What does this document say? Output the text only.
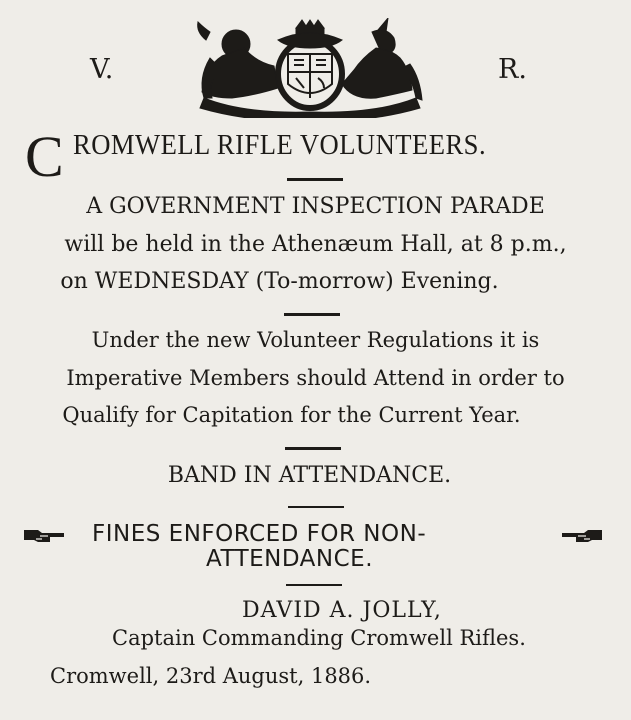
V.	R.
C ROMWELL RIFLE VOLUNTEERS.
A GOVERNMENT INSPECTION PARADE
will be held in the Athenæum Hall, at 8 p.m.,
on WEDNESDAY (To-morrow) Evening.
Under the new Volunteer Regulations it is
Imperative Members should Attend in order to
Qualify for Capitation for the Current Year.
BAND IN ATTENDANCE.
FINES ENFORCED FOR NON-
ATTENDANCE.
DAVID A. JOLLY,
Captain Commanding Cromwell Rifles.
Cromwell, 23rd August, 1886.
